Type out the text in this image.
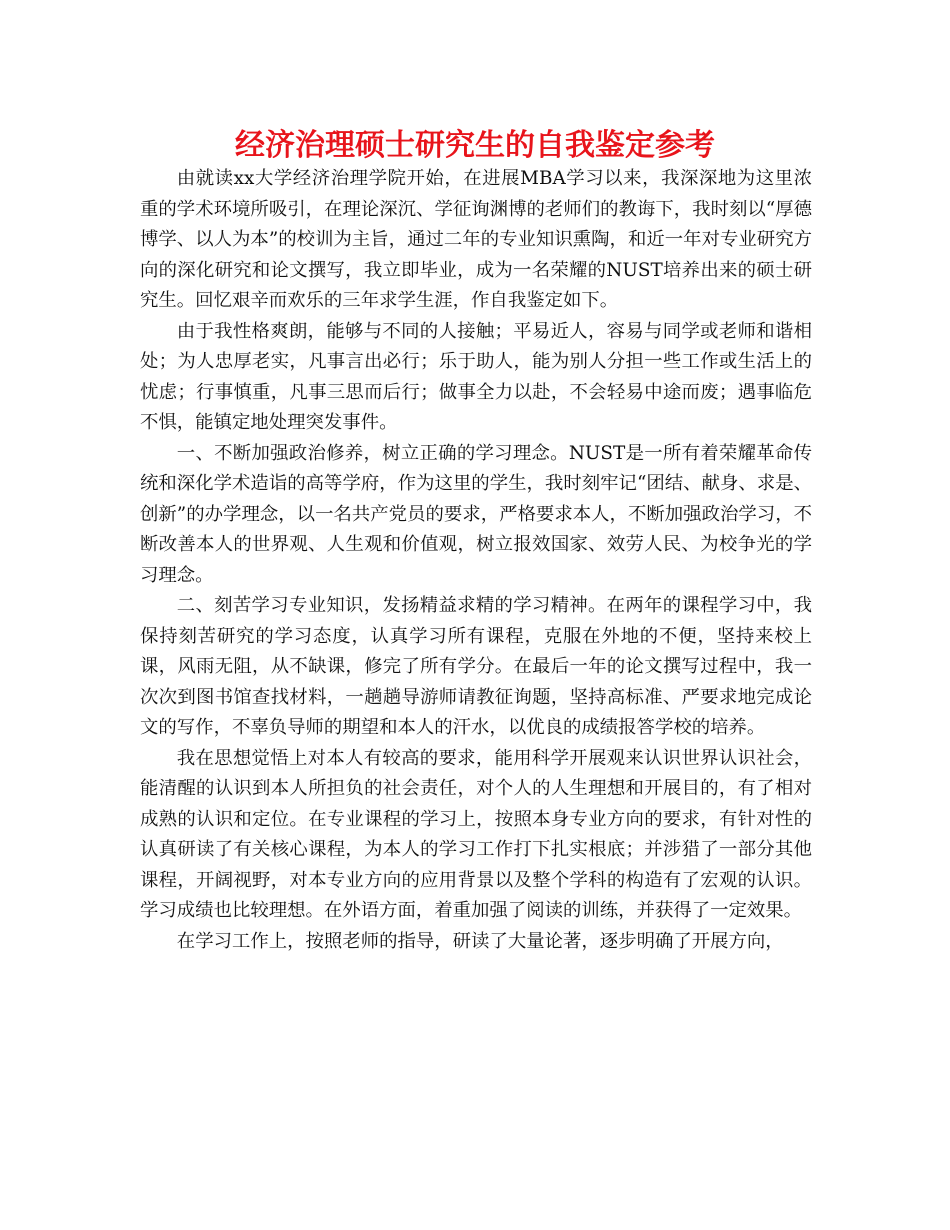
经济治理硕士研究生的自我鉴定参考

由就读xx大学经济治理学院开始，在进展MBA学习以来，我深深地为这里浓重的学术环境所吸引，在理论深沉、学征询渊博的老师们的教诲下，我时刻以“厚德博学、以人为本”的校训为主旨，通过二年的专业知识熏陶，和近一年对专业研究方向的深化研究和论文撰写，我立即毕业，成为一名荣耀的NUST培养出来的硕士研究生。回忆艰辛而欢乐的三年求学生涯，作自我鉴定如下。

由于我性格爽朗，能够与不同的人接触；平易近人，容易与同学或老师和谐相处；为人忠厚老实，凡事言出必行；乐于助人，能为别人分担一些工作或生活上的忧虑；行事慎重，凡事三思而后行；做事全力以赴，不会轻易中途而废；遇事临危不惧，能镇定地处理突发事件。

一、不断加强政治修养，树立正确的学习理念。NUST是一所有着荣耀革命传统和深化学术造诣的高等学府，作为这里的学生，我时刻牢记“团结、献身、求是、创新”的办学理念，以一名共产党员的要求，严格要求本人，不断加强政治学习，不断改善本人的世界观、人生观和价值观，树立报效国家、效劳人民、为校争光的学习理念。

二、刻苦学习专业知识，发扬精益求精的学习精神。在两年的课程学习中，我保持刻苦研究的学习态度，认真学习所有课程，克服在外地的不便，坚持来校上课，风雨无阻，从不缺课，修完了所有学分。在最后一年的论文撰写过程中，我一次次到图书馆查找材料，一趟趟导游师请教征询题，坚持高标准、严要求地完成论文的写作，不辜负导师的期望和本人的汗水，以优良的成绩报答学校的培养。

我在思想觉悟上对本人有较高的要求，能用科学开展观来认识世界认识社会，能清醒的认识到本人所担负的社会责任，对个人的人生理想和开展目的，有了相对成熟的认识和定位。在专业课程的学习上，按照本身专业方向的要求，有针对性的认真研读了有关核心课程，为本人的学习工作打下扎实根底；并涉猎了一部分其他课程，开阔视野，对本专业方向的应用背景以及整个学科的构造有了宏观的认识。学习成绩也比较理想。在外语方面，着重加强了阅读的训练，并获得了一定效果。

在学习工作上，按照老师的指导，研读了大量论著，逐步明确了开展方向，
